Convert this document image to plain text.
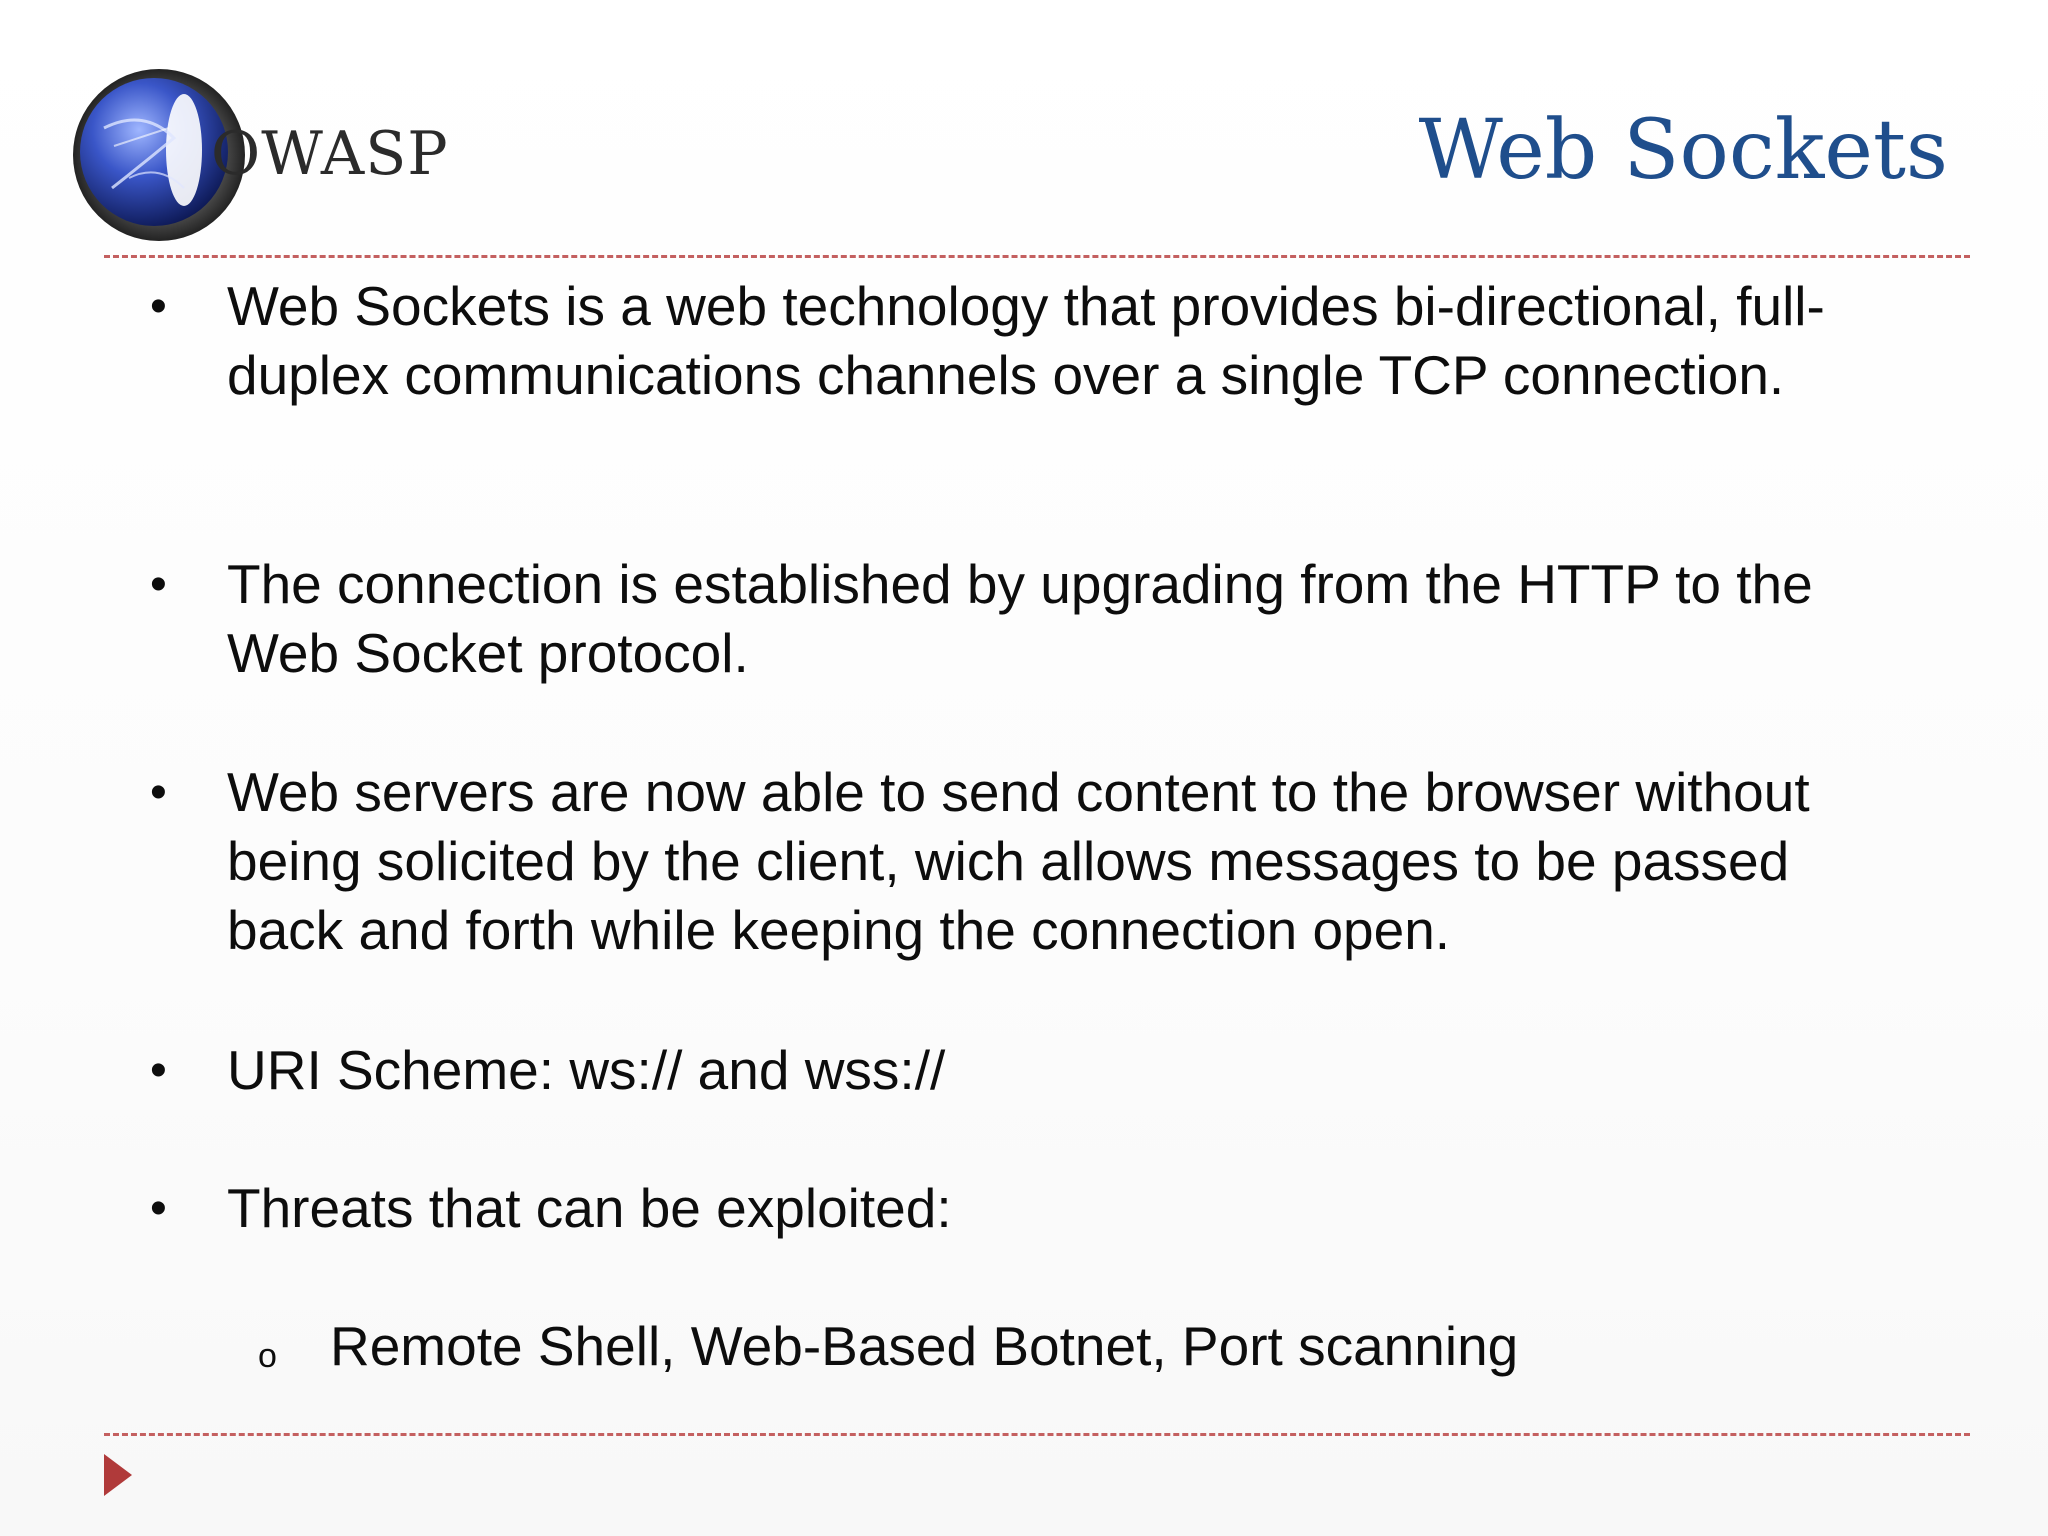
OWASP	Web Sockets
•	Web Sockets is a web technology that provides bi-directional, full-duplex communications channels over a single TCP connection.
•	The connection is established by upgrading from the HTTP to the Web Socket protocol.
•	Web servers are now able to send content to the browser without being solicited by the client, wich allows messages to be passed back and forth while keeping the connection open.
•	URI Scheme: ws:// and wss://
•	Threats that can be exploited:
o Remote Shell, Web-Based Botnet, Port scanning
